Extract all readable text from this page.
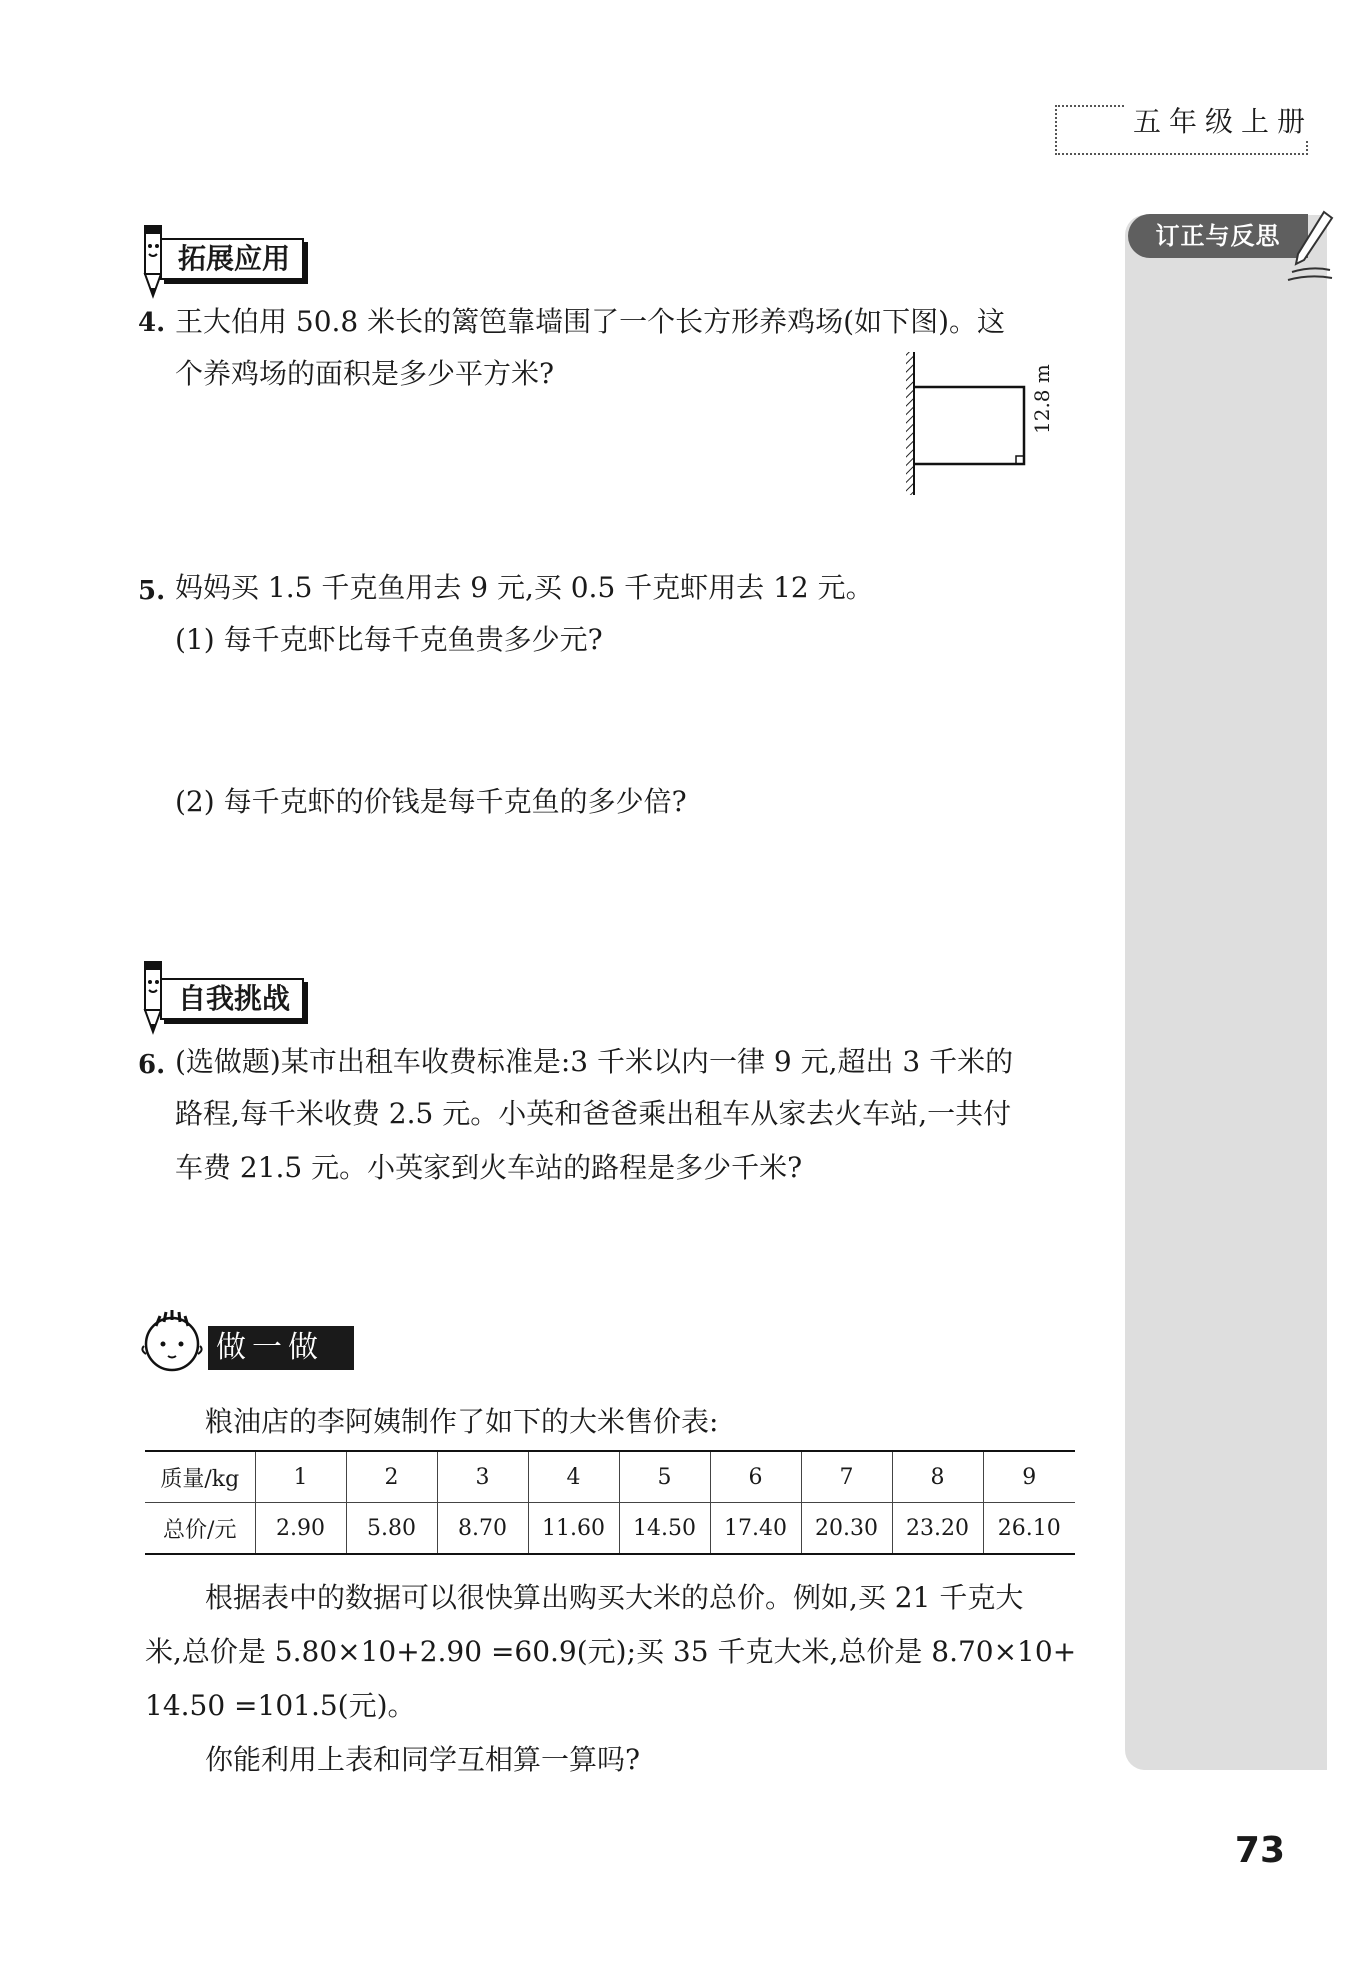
五年级上册
订正与反思
拓展应用
4. 王大伯用 50.8 米长的篱笆靠墙围了一个长方形养鸡场(如下图)。这
个养鸡场的面积是多少平方米?	12.8 m
5. 妈妈买 1.5 千克鱼用去 9 元,买 0.5 千克虾用去 12 元。
(1) 每千克虾比每千克鱼贵多少元?
(2) 每千克虾的价钱是每千克鱼的多少倍?
自我挑战
6. (选做题)某市出租车收费标准是:3 千米以内一律 9 元,超出 3 千米的
路程,每千米收费 2.5 元。小英和爸爸乘出租车从家去火车站,一共付
车费 21.5 元。小英家到火车站的路程是多少千米?
做一做
粮油店的李阿姨制作了如下的大米售价表:
质量/kg	1	2	3	4	5	6	7	8	9
总价/元	2.90	5.80	8.70	11.60	14.50	17.40	20.30	23.20	26.10
根据表中的数据可以很快算出购买大米的总价。例如,买 21 千克大
米,总价是 5.80×10+2.90 =60.9(元);买 35 千克大米,总价是 8.70×10+
14.50 =101.5(元)。
你能利用上表和同学互相算一算吗?
73
